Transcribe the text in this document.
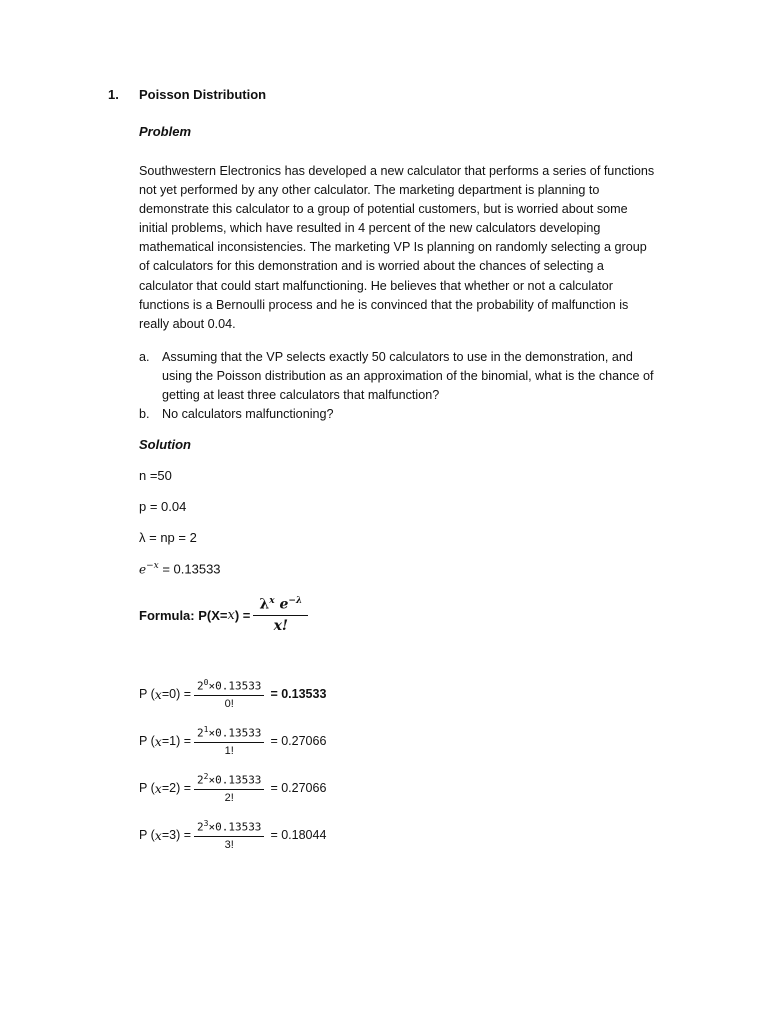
1. Poisson Distribution
Problem
Southwestern Electronics has developed a new calculator that performs a series of functions
not yet performed by any other calculator. The marketing department is planning to
demonstrate this calculator to a group of potential customers, but is worried about some
initial problems, which have resulted in 4 percent of the new calculators developing
mathematical inconsistencies. The marketing VP Is planning on randomly selecting a group
of calculators for this demonstration and is worried about the chances of selecting a
calculator that could start malfunctioning. He believes that whether or not a calculator
functions is a Bernoulli process and he is convinced that the probability of malfunction is
really about 0.04.
a. Assuming that the VP selects exactly 50 calculators to use in the demonstration, and
using the Poisson distribution as an approximation of the binomial, what is the chance of
getting at least three calculators that malfunction?
b. No calculators malfunctioning?
Solution
n =50
p = 0.04
λ = np = 2
$e^{-x} = 0.13533$
Formula: P(X= x ) = $\frac{\lambda^x e^{-\lambda}}{x!}$
P ( $x =0) = \frac{2^0\times 0.13533}{0!} = 0.13533$
P ( $x =1) = \frac{2^1\times 0.13533}{1!} = 0.27066$
P ( $x =2) = \frac{2^2\times 0.13533}{2!} = 0.27066$
P ( $x =3) = \frac{2^3\times 0.13533}{3!} = 0.18044$
